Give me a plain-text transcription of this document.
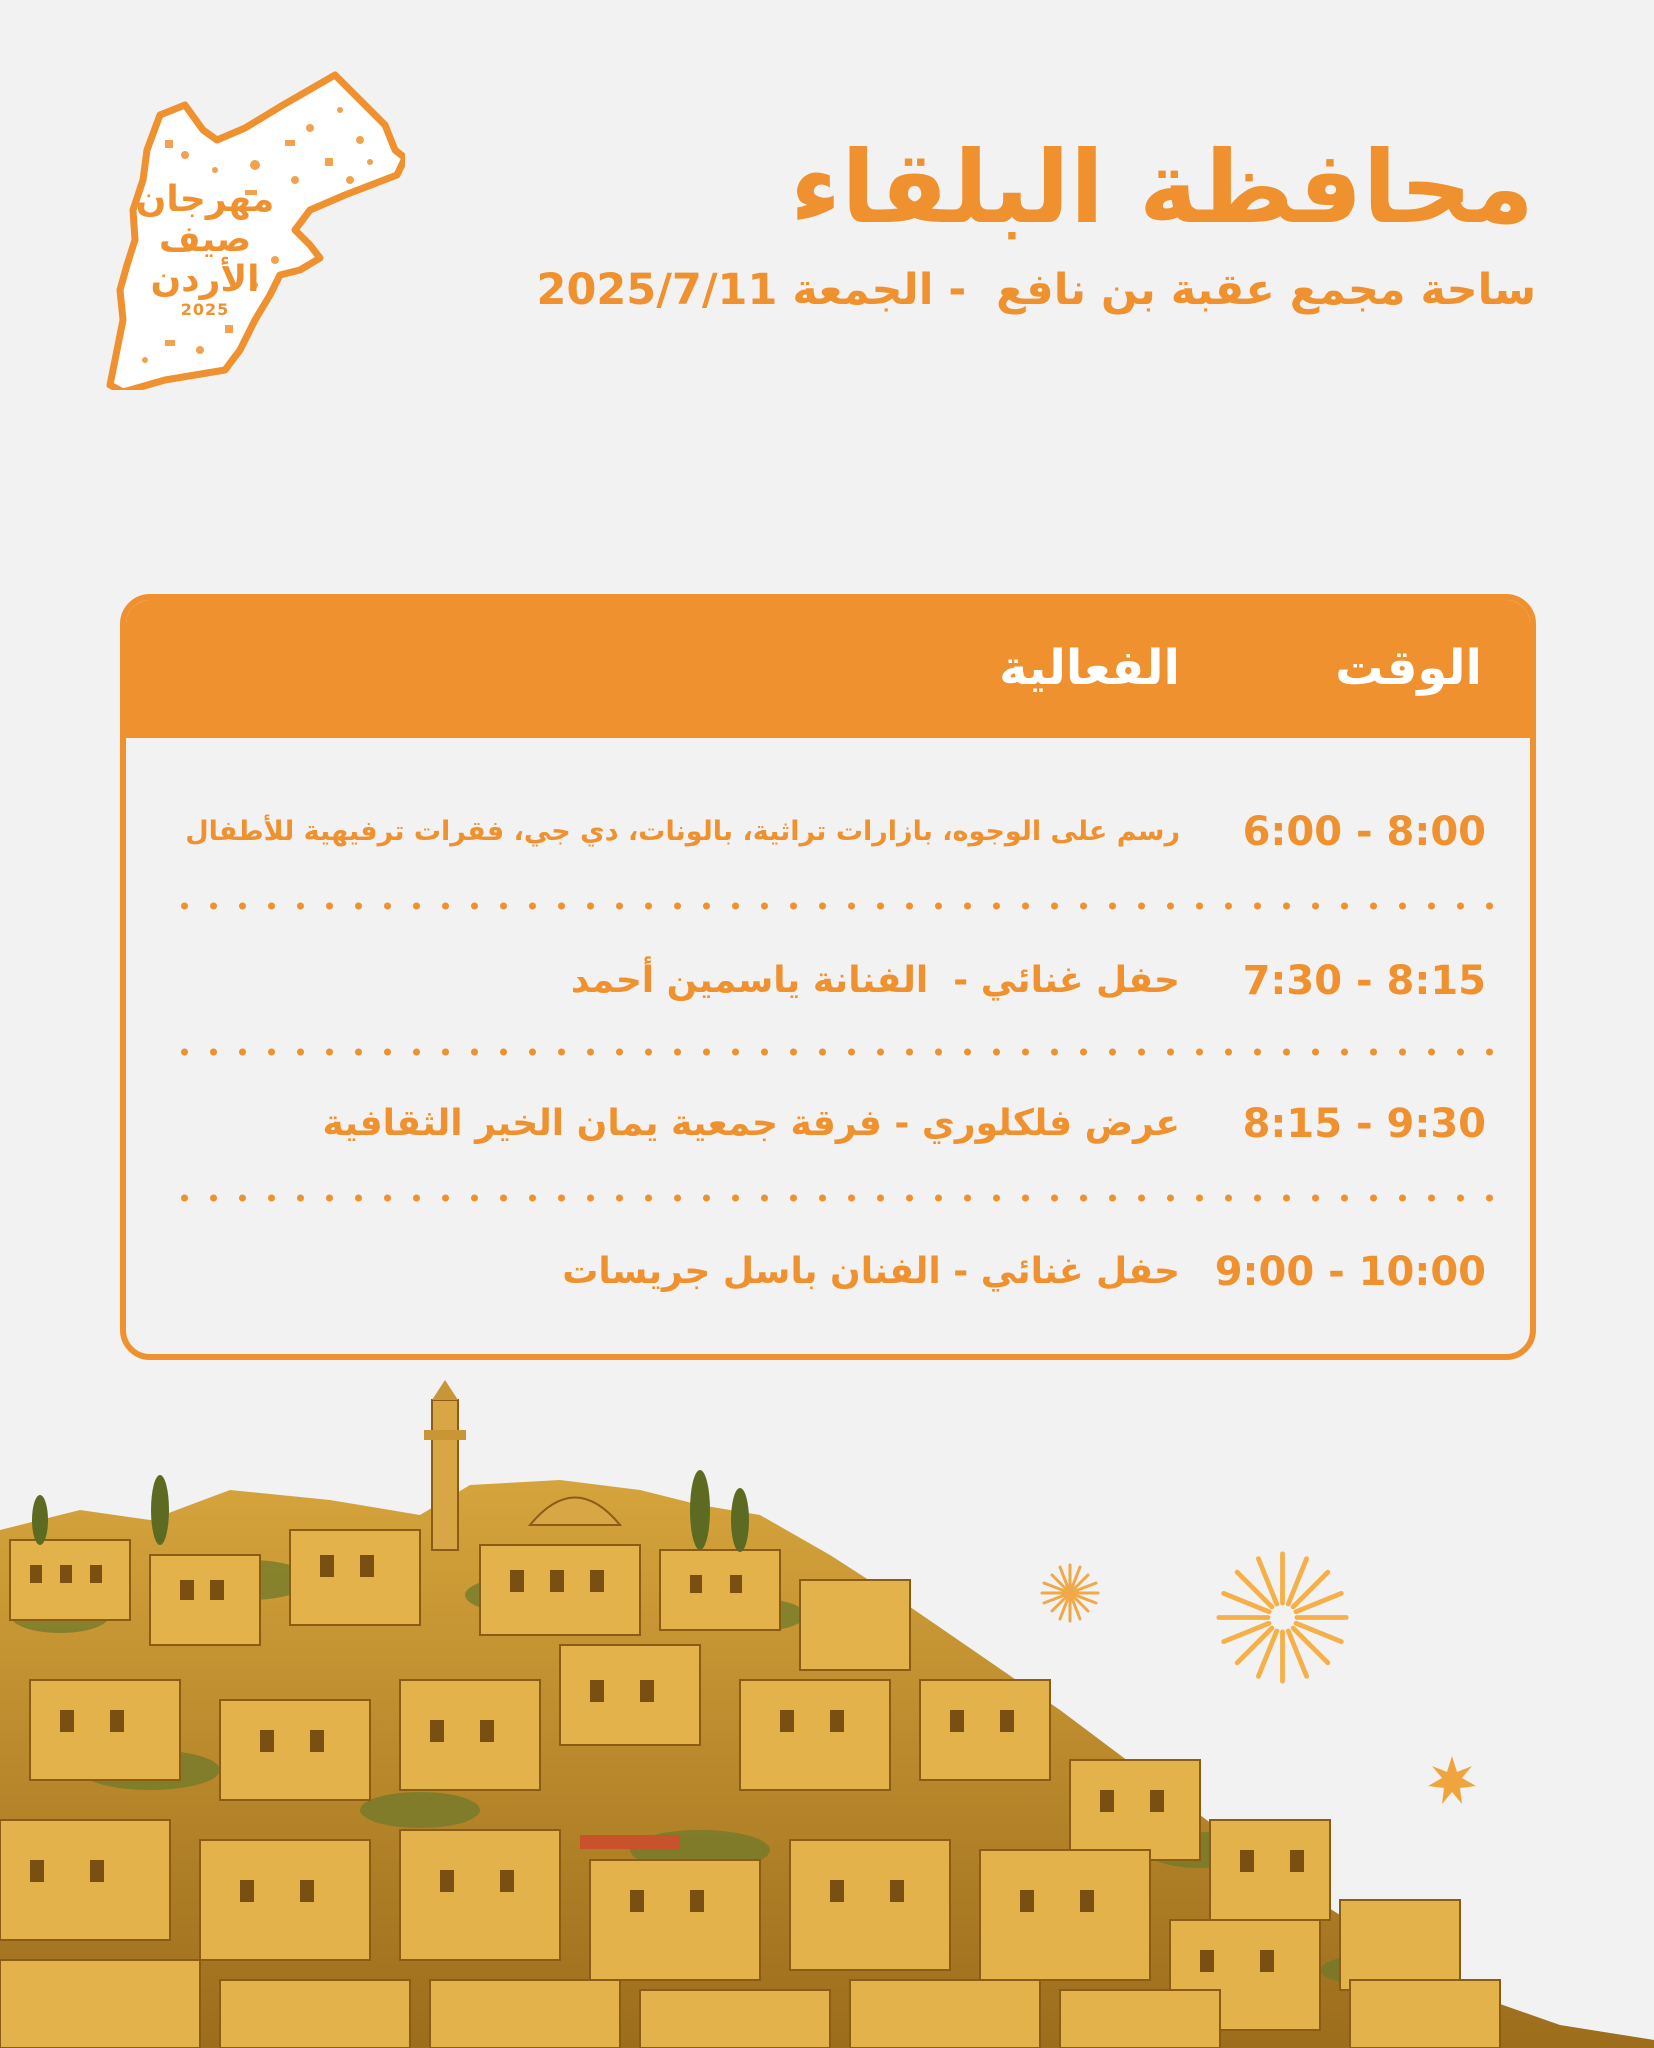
مهرجان
صيف
الأردن
2025
محافظة البلقاء

ساحة مجمع عقبة بن نافع  - الجمعة 2025/7/11

الوقت
الفعالية
6:00 - 8:00
رسم على الوجوه، بازارات تراثية، بالونات، دي جي، فقرات ترفيهية للأطفال
7:30 - 8:15
حفل غنائي -  الفنانة ياسمين أحمد
8:15 - 9:30
عرض فلكلوري - فرقة جمعية يمان الخير الثقافية
9:00 - 10:00
حفل غنائي - الفنان باسل جريسات
